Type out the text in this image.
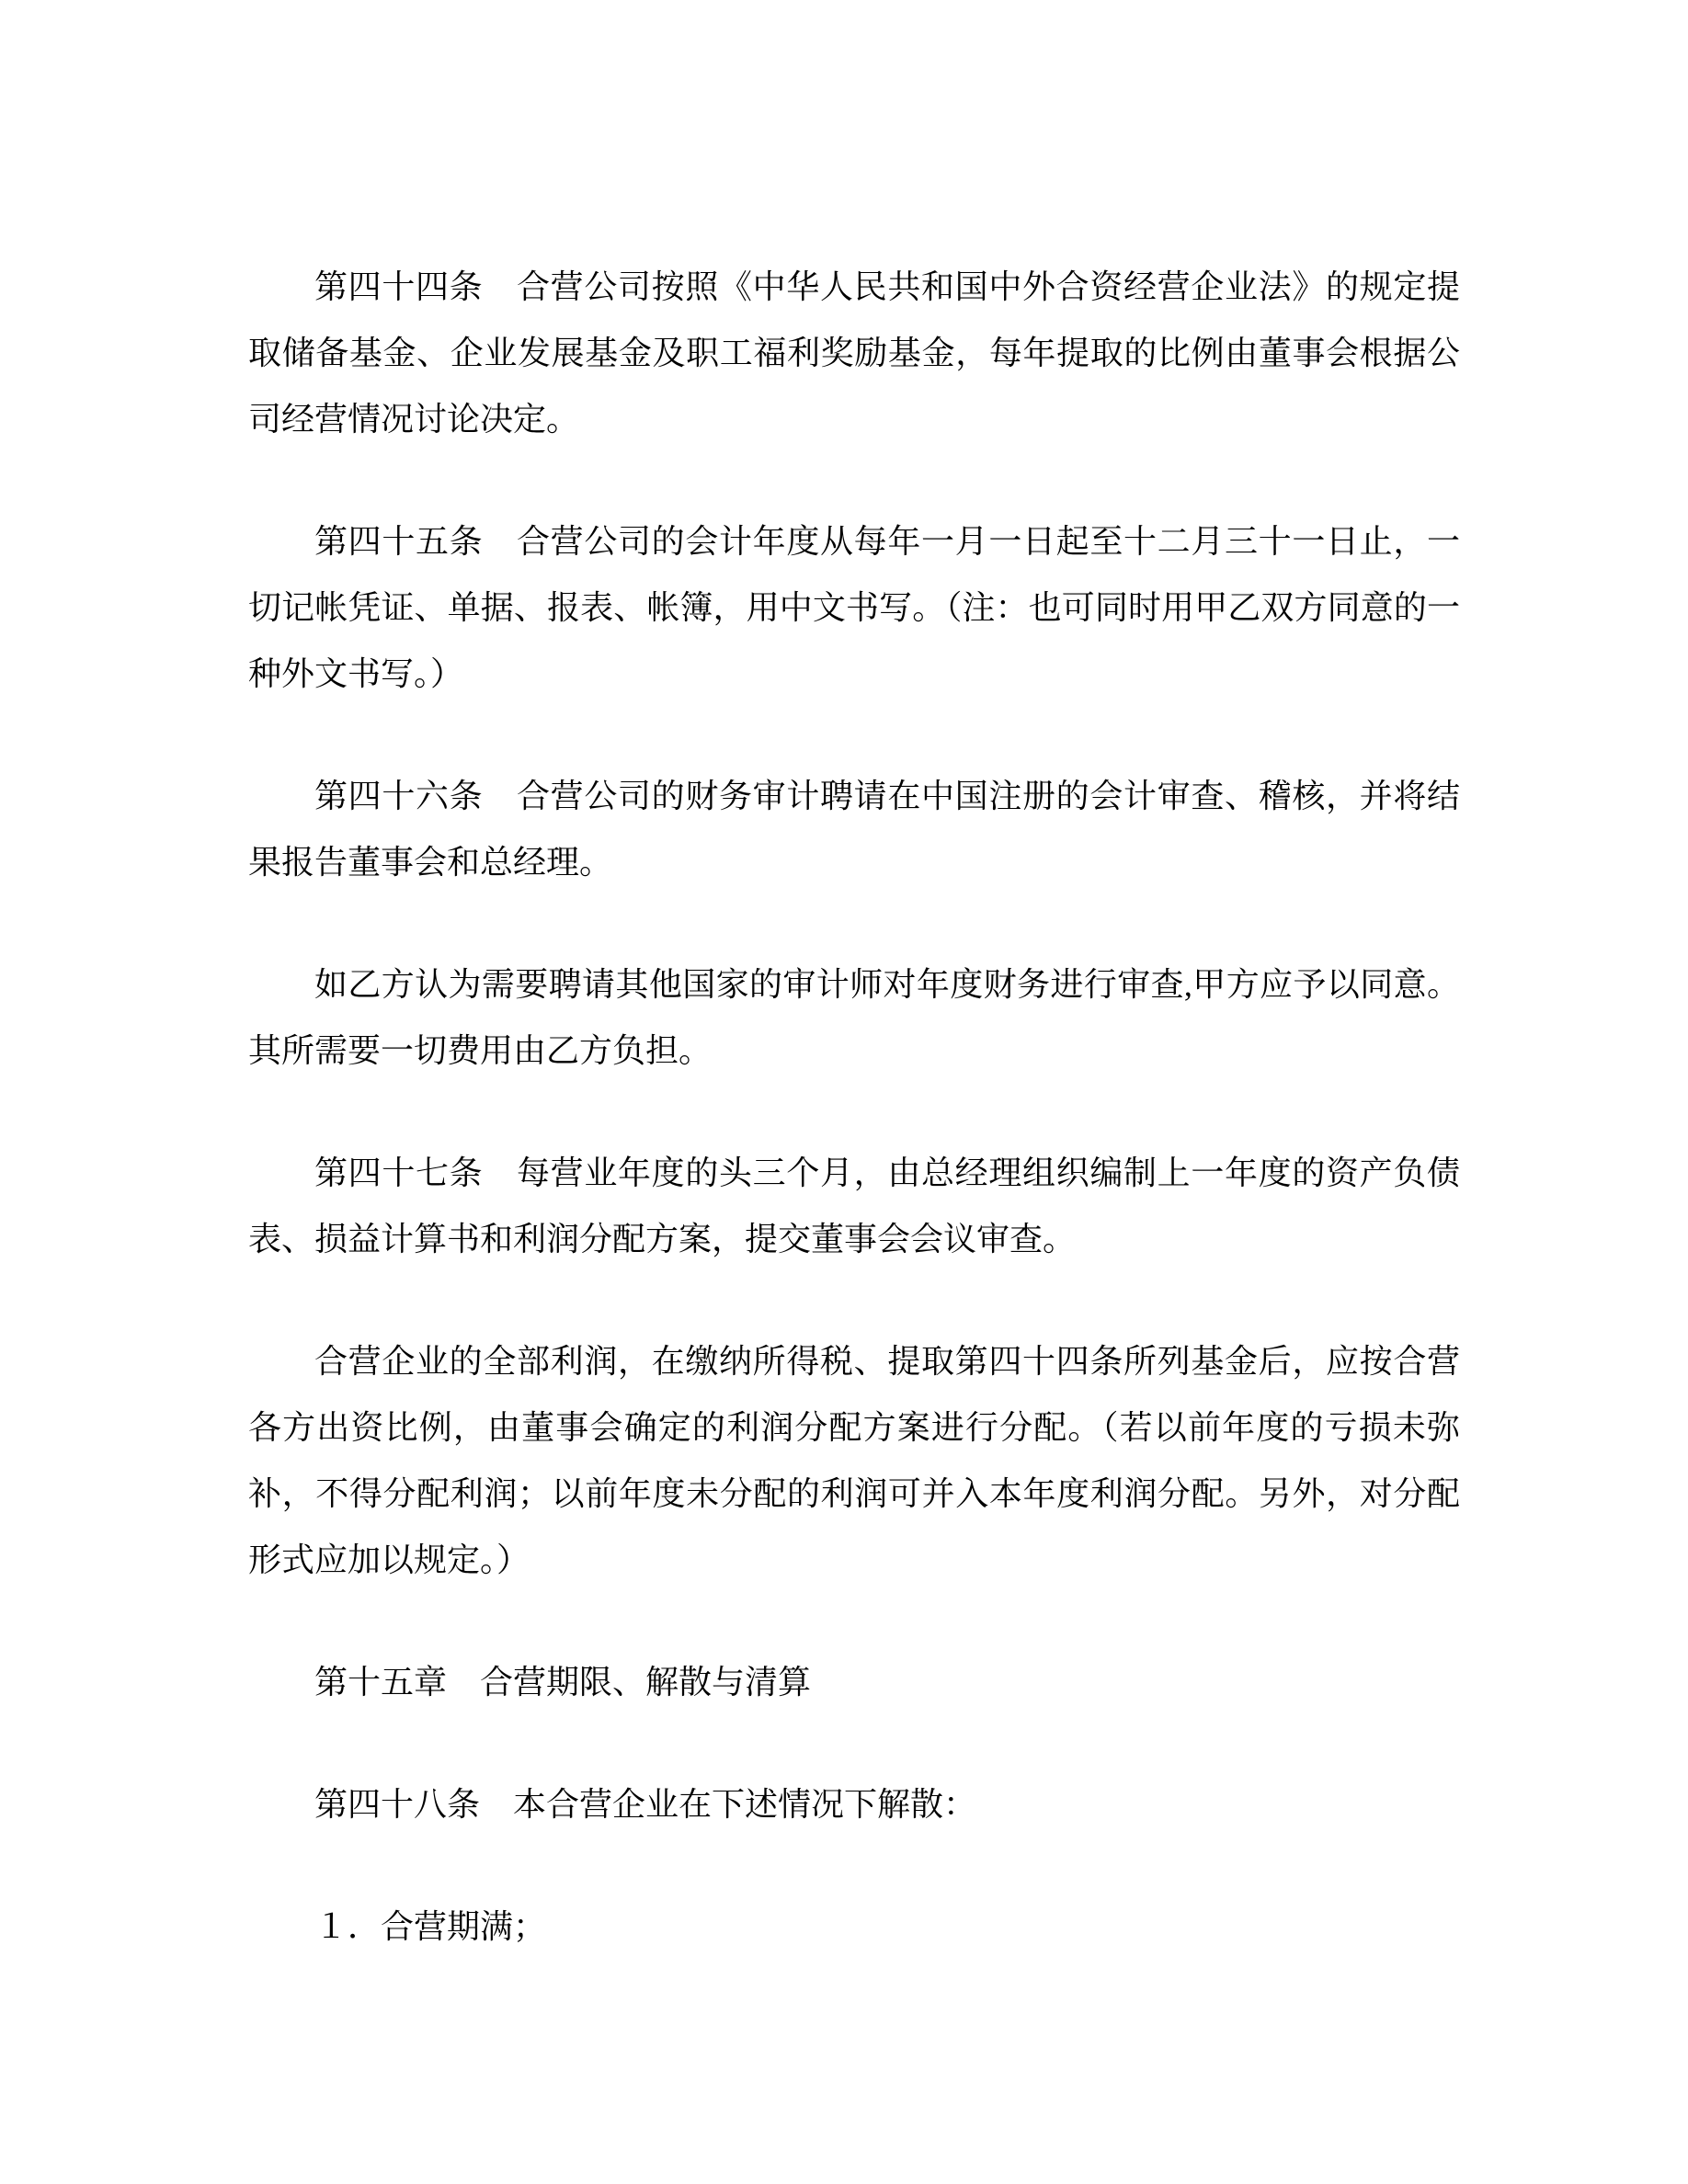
第四十四条　合营公司按照《中华人民共和国中外合资经营企业法》的规定提取储备基金、企业发展基金及职工福利奖励基金，每年提取的比例由董事会根据公司经营情况讨论决定。

第四十五条　合营公司的会计年度从每年一月一日起至十二月三十一日止，一切记帐凭证、单据、报表、帐簿，用中文书写。（注：也可同时用甲乙双方同意的一种外文书写。）

第四十六条　合营公司的财务审计聘请在中国注册的会计审查、稽核，并将结果报告董事会和总经理。

如乙方认为需要聘请其他国家的审计师对年度财务进行审查,甲方应予以同意。其所需要一切费用由乙方负担。

第四十七条　每营业年度的头三个月，由总经理组织编制上一年度的资产负债表、损益计算书和利润分配方案，提交董事会会议审查。

合营企业的全部利润，在缴纳所得税、提取第四十四条所列基金后，应按合营各方出资比例，由董事会确定的利润分配方案进行分配。（若以前年度的亏损未弥补，不得分配利润；以前年度未分配的利润可并入本年度利润分配。另外，对分配形式应加以规定。）

第十五章　合营期限、解散与清算

第四十八条　本合营企业在下述情况下解散：

１．合营期满；
